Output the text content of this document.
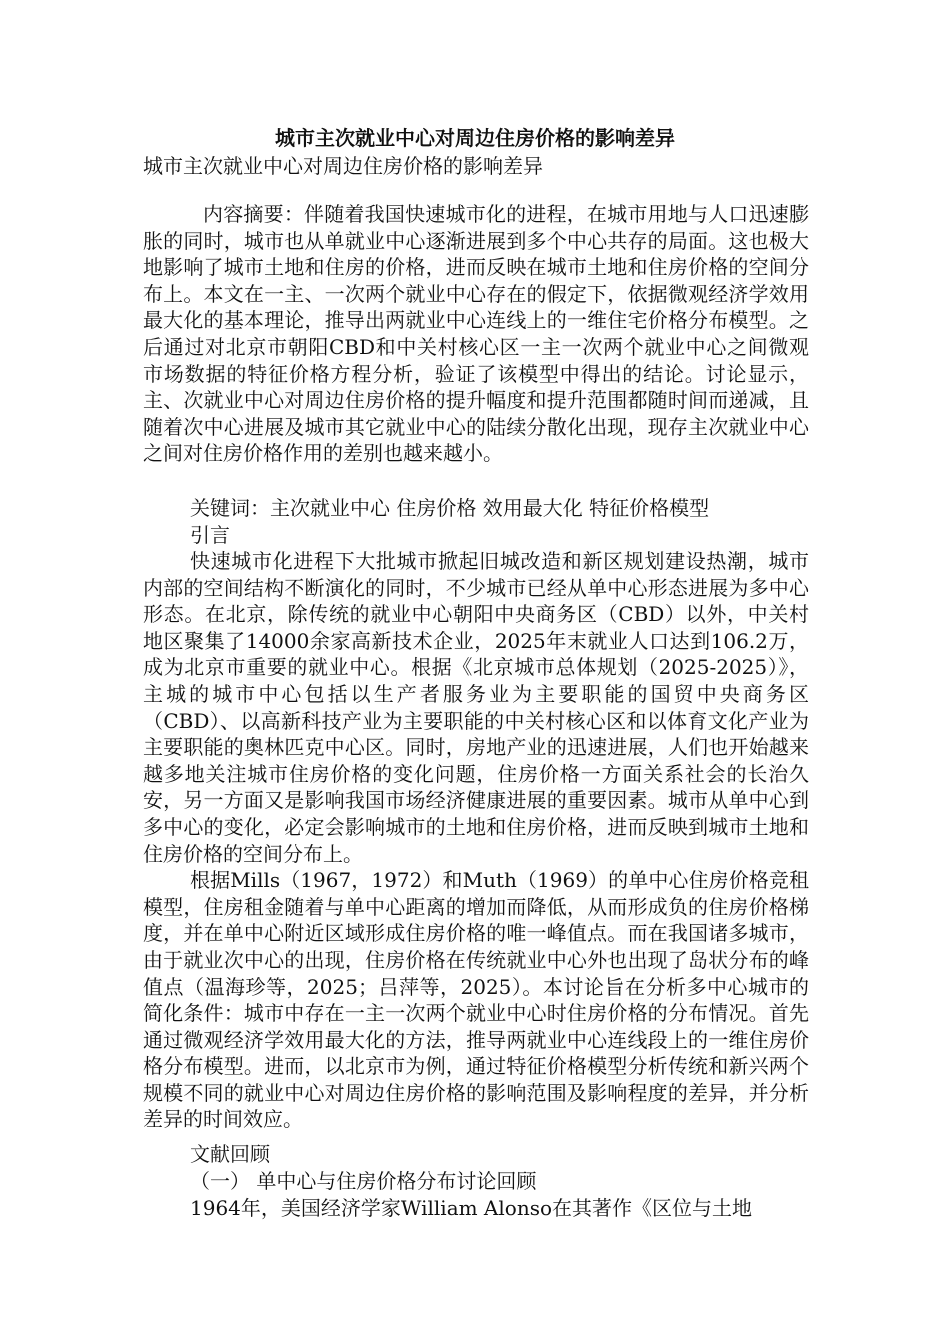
城市主次就业中心对周边住房价格的影响差异
城市主次就业中心对周边住房价格的影响差异

内容摘要：伴随着我国快速城市化的进程，在城市用地与人口迅速膨胀的同时，城市也从单就业中心逐渐进展到多个中心共存的局面。这也极大地影响了城市土地和住房的价格，进而反映在城市土地和住房价格的空间分布上。本文在一主、一次两个就业中心存在的假定下，依据微观经济学效用最大化的基本理论，推导出两就业中心连线上的一维住宅价格分布模型。之后通过对北京市朝阳CBD和中关村核心区一主一次两个就业中心之间微观市场数据的特征价格方程分析，验证了该模型中得出的结论。讨论显示，主、次就业中心对周边住房价格的提升幅度和提升范围都随时间而递减，且随着次中心进展及城市其它就业中心的陆续分散化出现，现存主次就业中心之间对住房价格作用的差别也越来越小。

关键词：主次就业中心 住房价格 效用最大化 特征价格模型
引言

快速城市化进程下大批城市掀起旧城改造和新区规划建设热潮，城市内部的空间结构不断演化的同时，不少城市已经从单中心形态进展为多中心形态。在北京，除传统的就业中心朝阳中央商务区（CBD）以外，中关村地区聚集了14000余家高新技术企业，2025年末就业人口达到106.2万，成为北京市重要的就业中心。根据《北京城市总体规划（2025-2025）》，主城的城市中心包括以生产者服务业为主要职能的国贸中央商务区（CBD）、以高新科技产业为主要职能的中关村核心区和以体育文化产业为主要职能的奥林匹克中心区。同时，房地产业的迅速进展，人们也开始越来越多地关注城市住房价格的变化问题，住房价格一方面关系社会的长治久安，另一方面又是影响我国市场经济健康进展的重要因素。城市从单中心到多中心的变化，必定会影响城市的土地和住房价格，进而反映到城市土地和住房价格的空间分布上。

根据Mills（1967，1972）和Muth（1969）的单中心住房价格竞租模型，住房租金随着与单中心距离的增加而降低，从而形成负的住房价格梯度，并在单中心附近区域形成住房价格的唯一峰值点。而在我国诸多城市，由于就业次中心的出现，住房价格在传统就业中心外也出现了岛状分布的峰值点（温海珍等，2025；吕萍等，2025）。本讨论旨在分析多中心城市的简化条件：城市中存在一主一次两个就业中心时住房价格的分布情况。首先通过微观经济学效用最大化的方法，推导两就业中心连线段上的一维住房价格分布模型。进而，以北京市为例，通过特征价格模型分析传统和新兴两个规模不同的就业中心对周边住房价格的影响范围及影响程度的差异，并分析差异的时间效应。

文献回顾
（一） 单中心与住房价格分布讨论回顾
1964年，美国经济学家William Alonso在其著作《区位与土地
